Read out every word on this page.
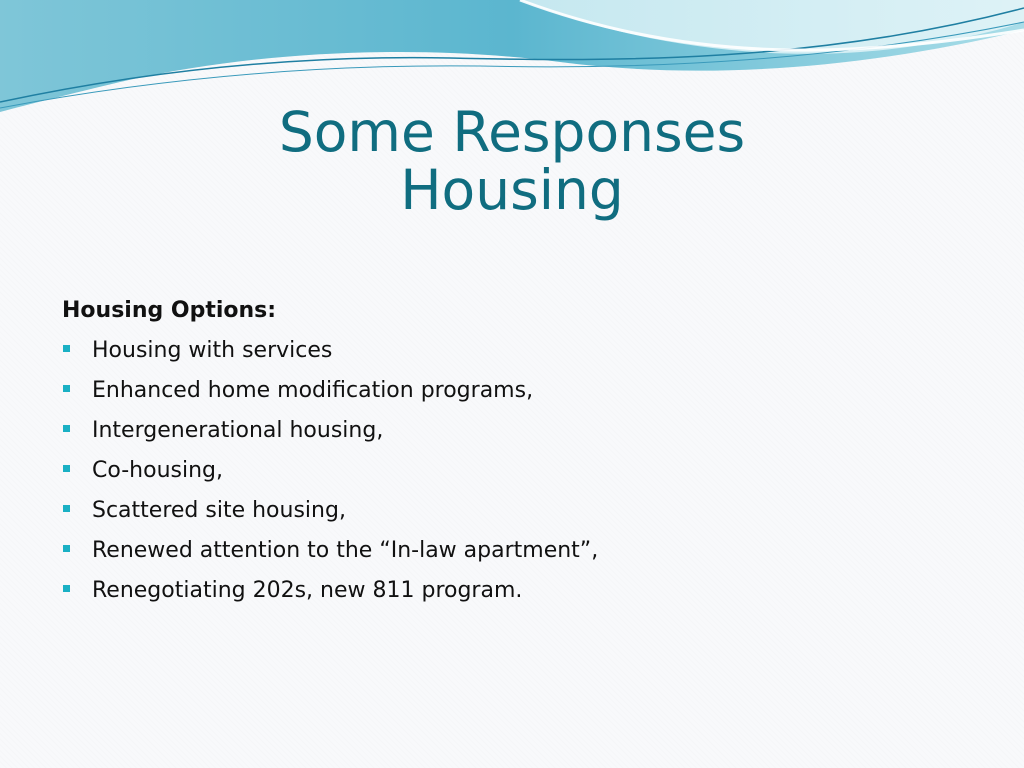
Some Responses
Housing
Housing Options:
Housing with services
Enhanced home modification programs,
Intergenerational housing,
Co-housing,
Scattered site housing,
Renewed attention to the “In-law apartment”,
Renegotiating 202s, new 811 program.
